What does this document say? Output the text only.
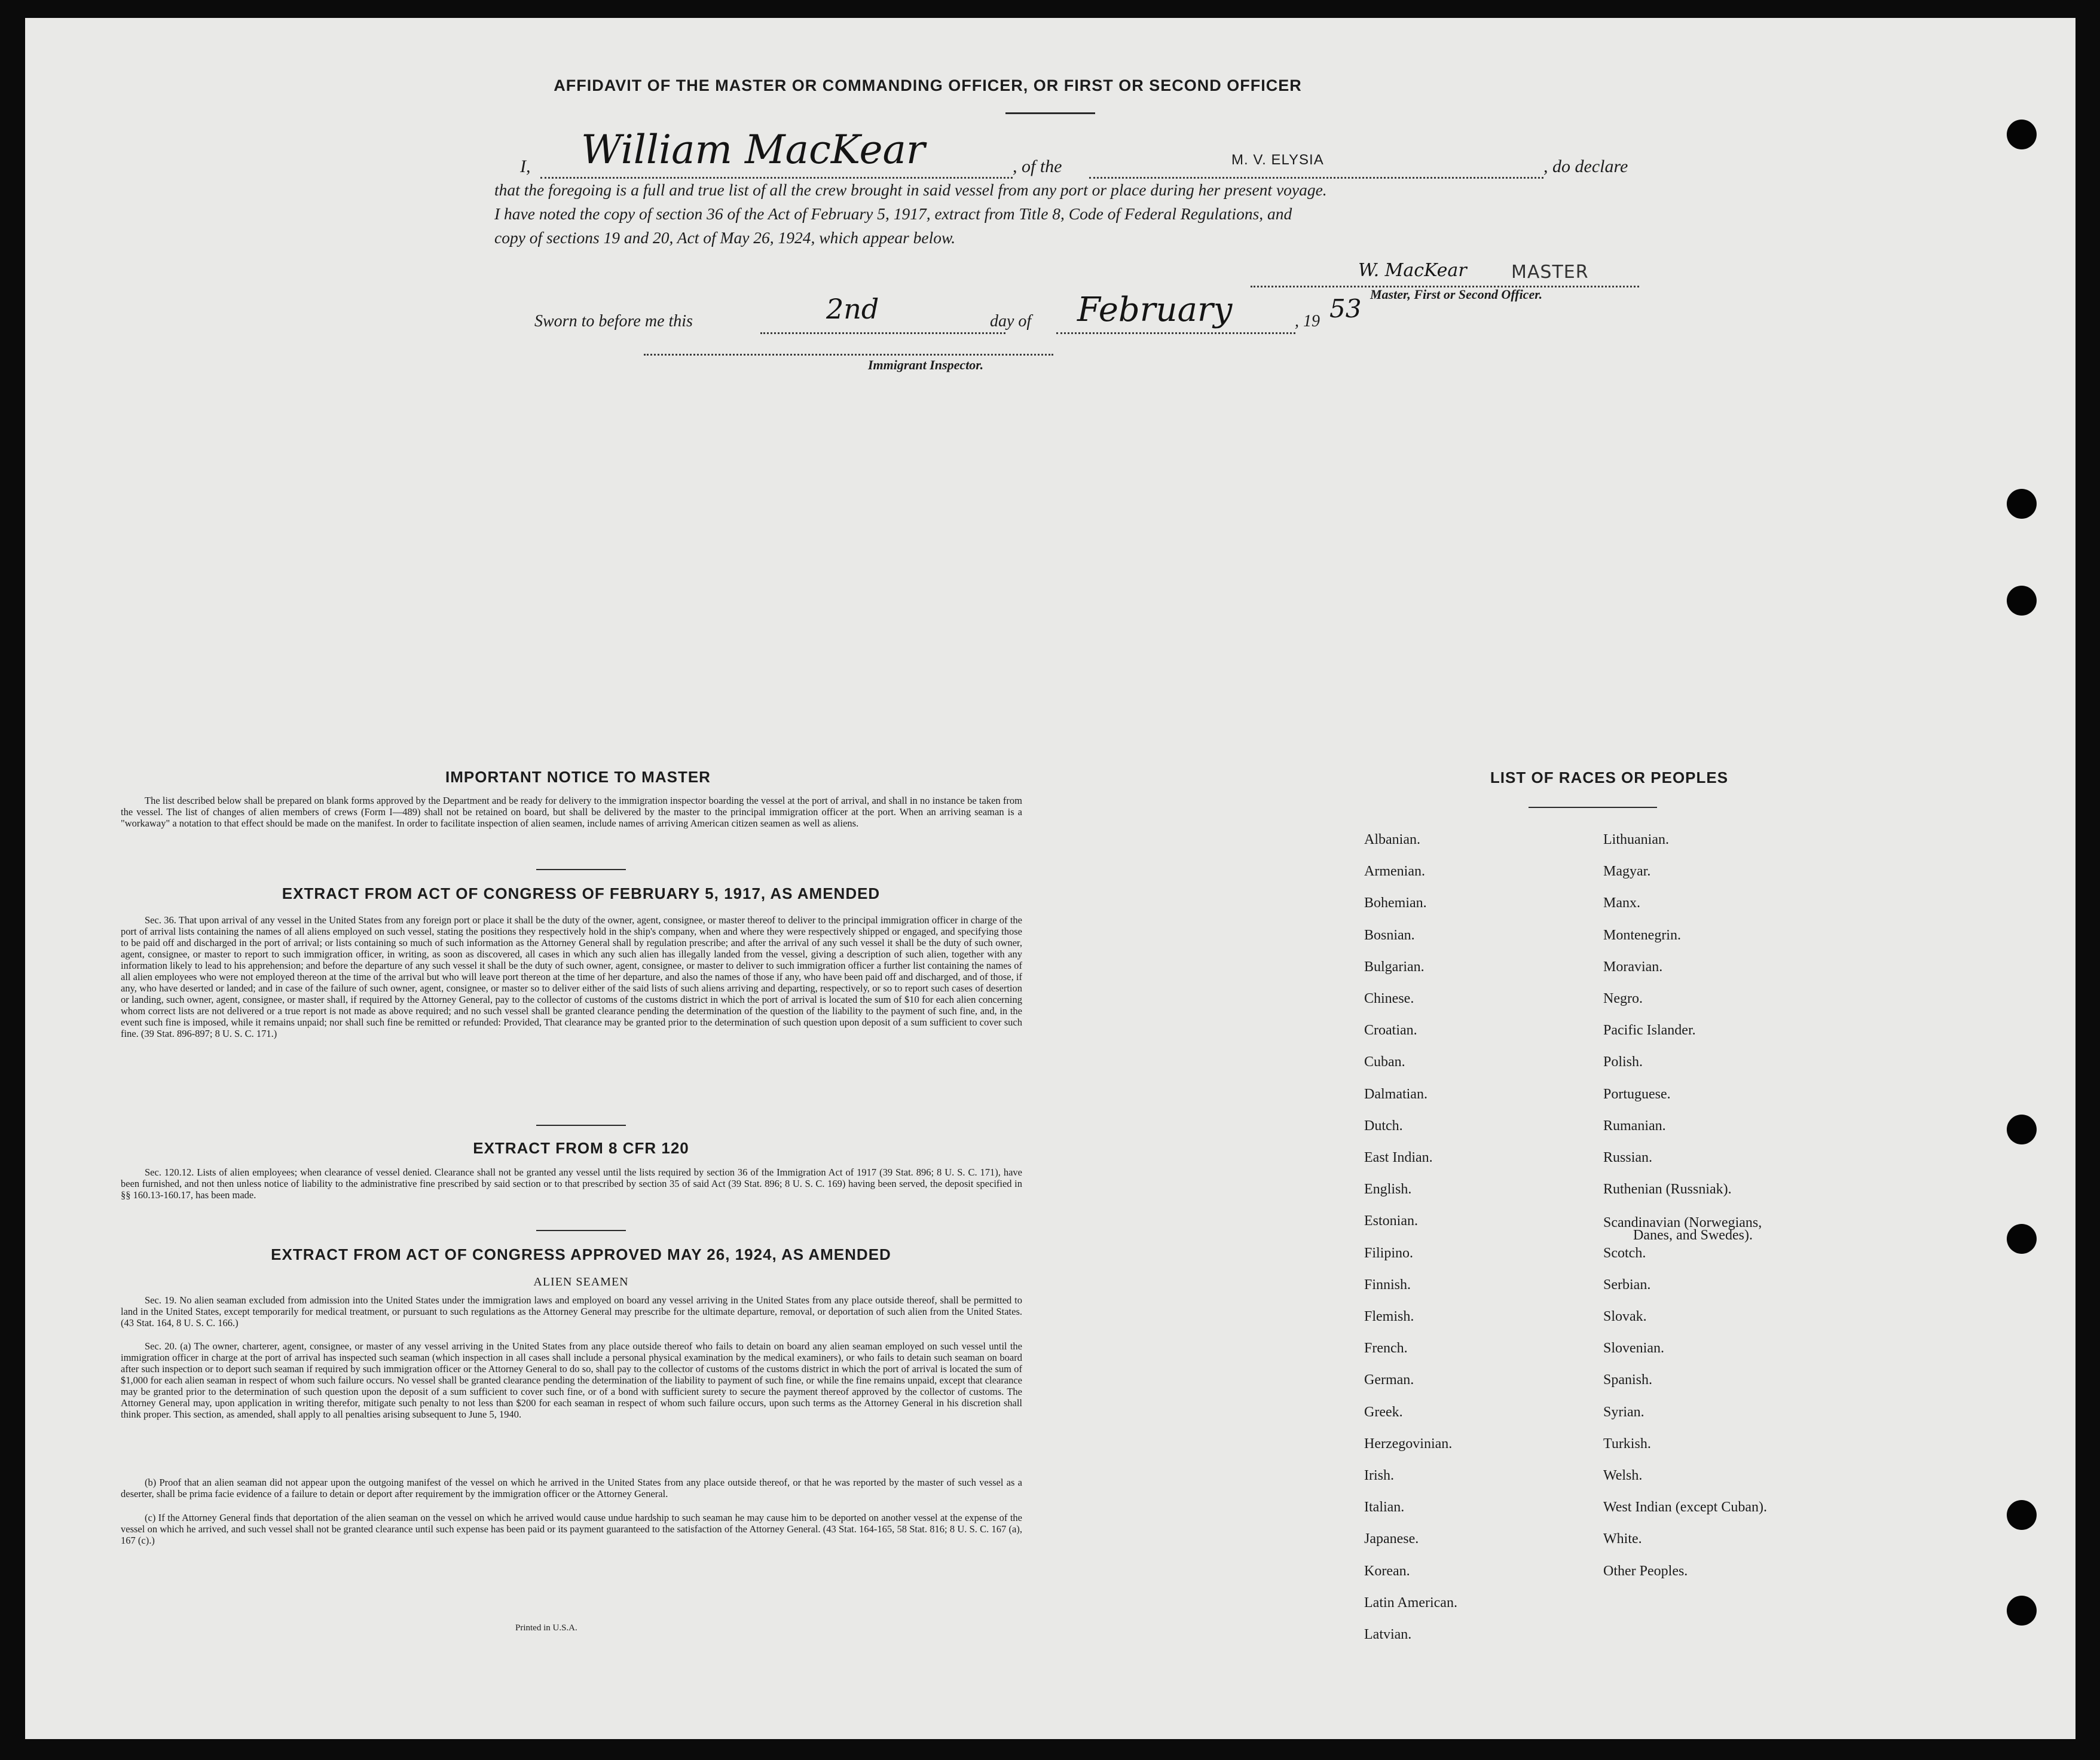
AFFIDAVIT OF THE MASTER OR COMMANDING OFFICER, OR FIRST OR SECOND OFFICER
I, William MacKear	, of the	M. V. ELYSIA	, do declare
that the foregoing is a full and true list of all the crew brought in said vessel from any port or place during her present voyage.
I have noted the copy of section 36 of the Act of February 5, 1917, extract from Title 8, Code of Federal Regulations, and
copy of sections 19 and 20, Act of May 26, 1924, which appear below.
W. MacKear MASTER
Master, First or Second Officer.
Sworn to before me this	2nd	day of February	, 19 53
Immigrant Inspector.
IMPORTANT NOTICE TO MASTER
The list described below shall be prepared on blank forms approved by the Department and be ready for delivery to the immigration inspector boarding the vessel at the port of arrival, and shall in no instance be taken from the vessel. The list of changes of alien members of crews (Form I—489) shall not be retained on board, but shall be delivered by the master to the principal immigration officer at the port. When an arriving seaman is a "workaway" a notation to that effect should be made on the manifest. In order to facilitate inspection of alien seamen, include names of arriving American citizen seamen as well as aliens.
EXTRACT FROM ACT OF CONGRESS OF FEBRUARY 5, 1917, AS AMENDED
Sec. 36. That upon arrival of any vessel in the United States from any foreign port or place it shall be the duty of the owner, agent, consignee, or master thereof to deliver to the principal immigration officer in charge of the port of arrival lists containing the names of all aliens employed on such vessel, stating the positions they respectively hold in the ship's company, when and where they were respectively shipped or engaged, and specifying those to be paid off and discharged in the port of arrival; or lists containing so much of such information as the Attorney General shall by regulation prescribe; and after the arrival of any such vessel it shall be the duty of such owner, agent, consignee, or master to report to such immigration officer, in writing, as soon as discovered, all cases in which any such alien has illegally landed from the vessel, giving a description of such alien, together with any information likely to lead to his apprehension; and before the departure of any such vessel it shall be the duty of such owner, agent, consignee, or master to deliver to such immigration officer a further list containing the names of all alien employees who were not employed thereon at the time of the arrival but who will leave port thereon at the time of her departure, and also the names of those if any, who have been paid off and discharged, and of those, if any, who have deserted or landed; and in case of the failure of such owner, agent, consignee, or master so to deliver either of the said lists of such aliens arriving and departing, respectively, or so to report such cases of desertion or landing, such owner, agent, consignee, or master shall, if required by the Attorney General, pay to the collector of customs of the customs district in which the port of arrival is located the sum of $10 for each alien concerning whom correct lists are not delivered or a true report is not made as above required; and no such vessel shall be granted clearance pending the determination of the question of the liability to the payment of such fine, and, in the event such fine is imposed, while it remains unpaid; nor shall such fine be remitted or refunded: Provided, That clearance may be granted prior to the determination of such question upon deposit of a sum sufficient to cover such fine. (39 Stat. 896-897; 8 U. S. C. 171.)
EXTRACT FROM 8 CFR 120
Sec. 120.12. Lists of alien employees; when clearance of vessel denied. Clearance shall not be granted any vessel until the lists required by section 36 of the Immigration Act of 1917 (39 Stat. 896; 8 U. S. C. 171), have been furnished, and not then unless notice of liability to the administrative fine prescribed by said section or to that prescribed by section 35 of said Act (39 Stat. 896; 8 U. S. C. 169) having been served, the deposit specified in §§ 160.13-160.17, has been made.
EXTRACT FROM ACT OF CONGRESS APPROVED MAY 26, 1924, AS AMENDED
ALIEN SEAMEN
Sec. 19. No alien seaman excluded from admission into the United States under the immigration laws and employed on board any vessel arriving in the United States from any place outside thereof, shall be permitted to land in the United States, except temporarily for medical treatment, or pursuant to such regulations as the Attorney General may prescribe for the ultimate departure, removal, or deportation of such alien from the United States. (43 Stat. 164, 8 U. S. C. 166.)
Sec. 20. (a) The owner, charterer, agent, consignee, or master of any vessel arriving in the United States from any place outside thereof who fails to detain on board any alien seaman employed on such vessel until the immigration officer in charge at the port of arrival has inspected such seaman (which inspection in all cases shall include a personal physical examination by the medical examiners), or who fails to detain such seaman on board after such inspection or to deport such seaman if required by such immigration officer or the Attorney General to do so, shall pay to the collector of customs of the customs district in which the port of arrival is located the sum of $1,000 for each alien seaman in respect of whom such failure occurs. No vessel shall be granted clearance pending the determination of the liability to payment of such fine, or while the fine remains unpaid, except that clearance may be granted prior to the determination of such question upon the deposit of a sum sufficient to cover such fine, or of a bond with sufficient surety to secure the payment thereof approved by the collector of customs. The Attorney General may, upon application in writing therefor, mitigate such penalty to not less than $200 for each seaman in respect of whom such failure occurs, upon such terms as the Attorney General in his discretion shall think proper. This section, as amended, shall apply to all penalties arising subsequent to June 5, 1940.
(b) Proof that an alien seaman did not appear upon the outgoing manifest of the vessel on which he arrived in the United States from any place outside thereof, or that he was reported by the master of such vessel as a deserter, shall be prima facie evidence of a failure to detain or deport after requirement by the immigration officer or the Attorney General.
(c) If the Attorney General finds that deportation of the alien seaman on the vessel on which he arrived would cause undue hardship to such seaman he may cause him to be deported on another vessel at the expense of the vessel on which he arrived, and such vessel shall not be granted clearance until such expense has been paid or its payment guaranteed to the satisfaction of the Attorney General. (43 Stat. 164-165, 58 Stat. 816; 8 U. S. C. 167 (a), 167 (c).)
Printed in U.S.A.
LIST OF RACES OR PEOPLES
Albanian.
Armenian.
Bohemian.
Bosnian.
Bulgarian.
Chinese.
Croatian.
Cuban.
Dalmatian.
Dutch.
East Indian.
English.
Estonian.
Filipino.
Finnish.
Flemish.
French.
German.
Greek.
Herzegovinian.
Irish.
Italian.
Japanese.
Korean.
Latin American.
Latvian.
Lithuanian.
Magyar.
Manx.
Montenegrin.
Moravian.
Negro.
Pacific Islander.
Polish.
Portuguese.
Rumanian.
Russian.
Ruthenian (Russniak).
Scandinavian (Norwegians,
Danes, and Swedes).
Scotch.
Serbian.
Slovak.
Slovenian.
Spanish.
Syrian.
Turkish.
Welsh.
West Indian (except Cuban).
White.
Other Peoples.
